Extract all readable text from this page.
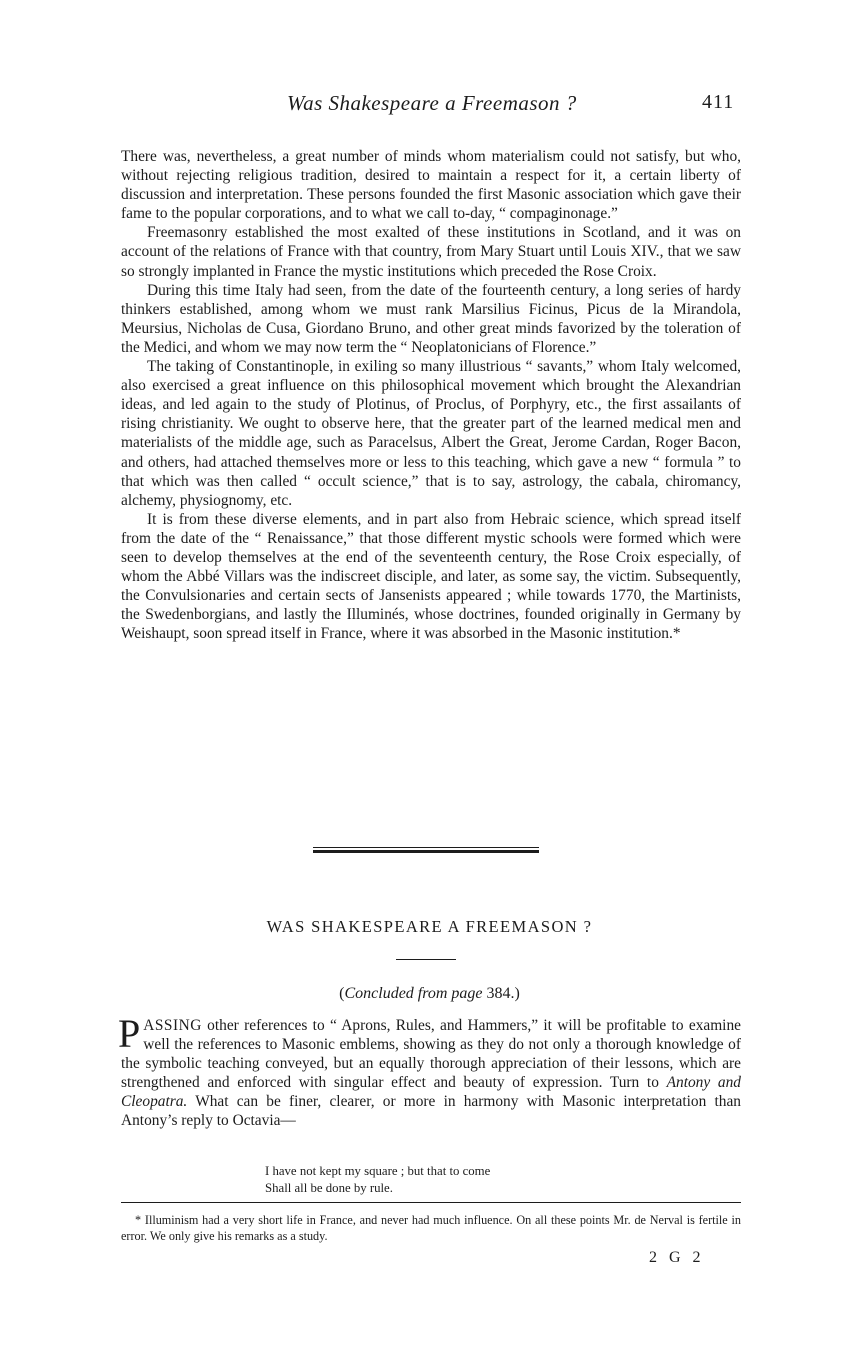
Was Shakespeare a Freemason ?	411

There was, nevertheless, a great number of minds whom materialism could not satisfy, but who, without rejecting religious tradition, desired to maintain a respect for it, a certain liberty of discussion and interpretation. These persons founded the first Masonic association which gave their fame to the popular corporations, and to what we call to-day, “ compaginonage.”

Freemasonry established the most exalted of these institutions in Scotland, and it was on account of the relations of France with that country, from Mary Stuart until Louis XIV., that we saw so strongly implanted in France the mystic institutions which preceded the Rose Croix.

During this time Italy had seen, from the date of the fourteenth century, a long series of hardy thinkers established, among whom we must rank Marsilius Ficinus, Picus de la Mirandola, Meursius, Nicholas de Cusa, Giordano Bruno, and other great minds favorized by the toleration of the Medici, and whom we may now term the “ Neoplatonicians of Florence.”

The taking of Constantinople, in exiling so many illustrious “ savants,” whom Italy welcomed, also exercised a great influence on this philosophical movement which brought the Alexandrian ideas, and led again to the study of Plotinus, of Proclus, of Porphyry, etc., the first assailants of rising christianity. We ought to observe here, that the greater part of the learned medical men and materialists of the middle age, such as Paracelsus, Albert the Great, Jerome Cardan, Roger Bacon, and others, had attached themselves more or less to this teaching, which gave a new “ formula ” to that which was then called “ occult science,” that is to say, astrology, the cabala, chiromancy, alchemy, physiognomy, etc.

It is from these diverse elements, and in part also from Hebraic science, which spread itself from the date of the “ Renaissance,” that those different mystic schools were formed which were seen to develop themselves at the end of the seventeenth century, the Rose Croix especially, of whom the Abbé Villars was the indiscreet disciple, and later, as some say, the victim. Subsequently, the Convulsionaries and certain sects of Jansenists appeared ; while towards 1770, the Martinists, the Swedenborgians, and lastly the Illuminés, whose doctrines, founded originally in Germany by Weishaupt, soon spread itself in France, where it was absorbed in the Masonic institution.*

WAS SHAKESPEARE A FREEMASON ?
(Concluded from page 384.)

PASSING other references to “ Aprons, Rules, and Hammers,” it will be profitable to examine well the references to Masonic emblems, showing as they do not only a thorough knowledge of the symbolic teaching conveyed, but an equally thorough appreciation of their lessons, which are strengthened and enforced with singular effect and beauty of expression. Turn to Antony and Cleopatra. What can be finer, clearer, or more in harmony with Masonic interpretation than Antony’s reply to Octavia—

I have not kept my square ; but that to come
Shall all be done by rule.

* Illuminism had a very short life in France, and never had much influence. On all these points Mr. de Nerval is fertile in error. We only give his remarks as a study.

2 G 2
